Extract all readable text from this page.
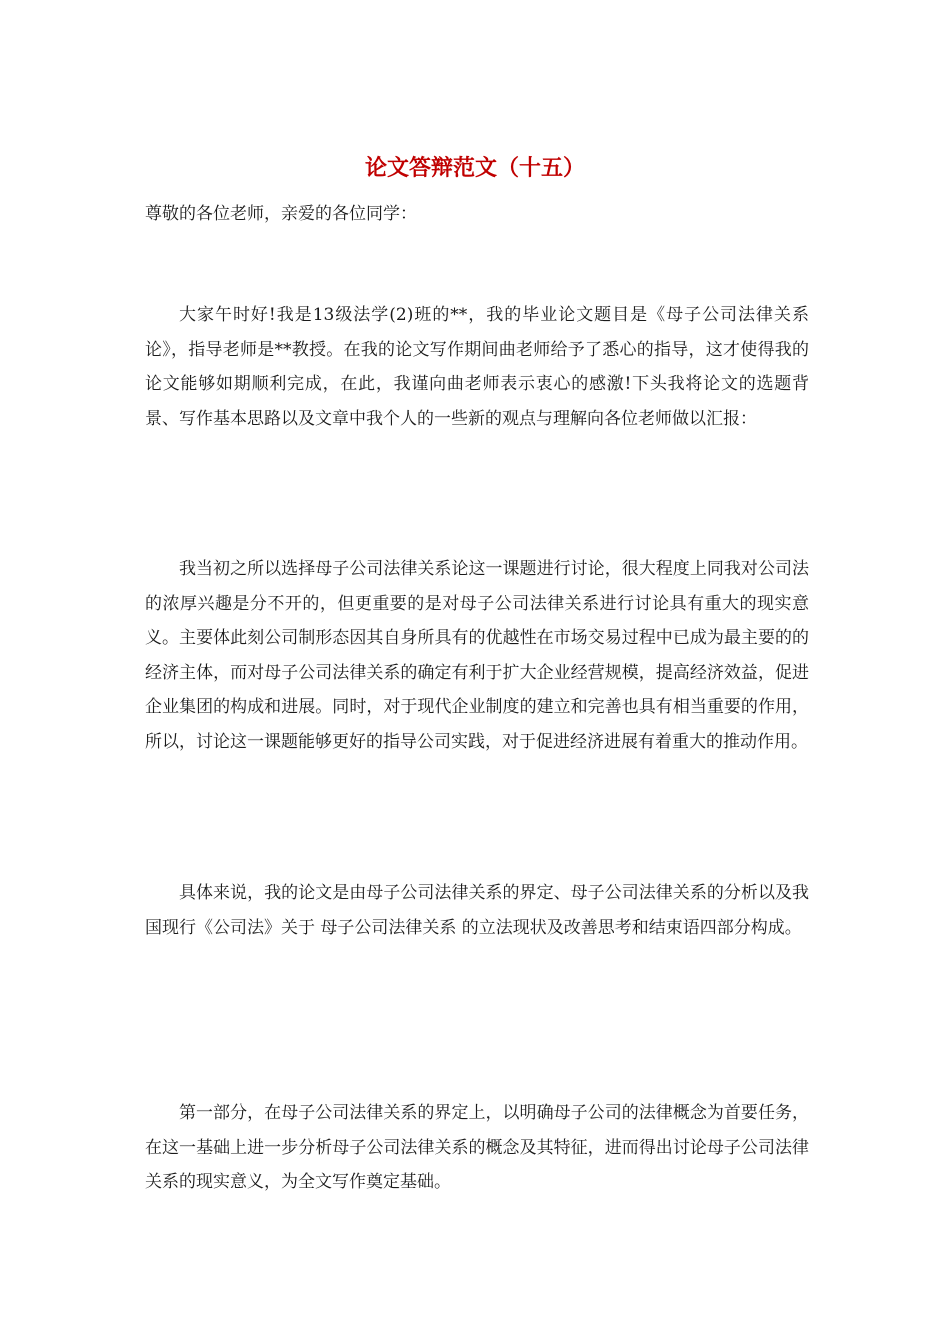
论文答辩范文（十五）

尊敬的各位老师，亲爱的各位同学：

大家午时好!我是13级法学(2)班的**，我的毕业论文题目是《母子公司法律关系论》，指导老师是**教授。在我的论文写作期间曲老师给予了悉心的指导，这才使得我的论文能够如期顺利完成，在此，我谨向曲老师表示衷心的感激!下头我将论文的选题背景、写作基本思路以及文章中我个人的一些新的观点与理解向各位老师做以汇报：

我当初之所以选择母子公司法律关系论这一课题进行讨论，很大程度上同我对公司法的浓厚兴趣是分不开的，但更重要的是对母子公司法律关系进行讨论具有重大的现实意义。主要体此刻公司制形态因其自身所具有的优越性在市场交易过程中已成为最主要的的经济主体，而对母子公司法律关系的确定有利于扩大企业经营规模，提高经济效益，促进企业集团的构成和进展。同时，对于现代企业制度的建立和完善也具有相当重要的作用，所以，讨论这一课题能够更好的指导公司实践，对于促进经济进展有着重大的推动作用。

具体来说，我的论文是由母子公司法律关系的界定、母子公司法律关系的分析以及我国现行《公司法》关于 母子公司法律关系 的立法现状及改善思考和结束语四部分构成。

第一部分，在母子公司法律关系的界定上，以明确母子公司的法律概念为首要任务，在这一基础上进一步分析母子公司法律关系的概念及其特征，进而得出讨论母子公司法律关系的现实意义，为全文写作奠定基础。
